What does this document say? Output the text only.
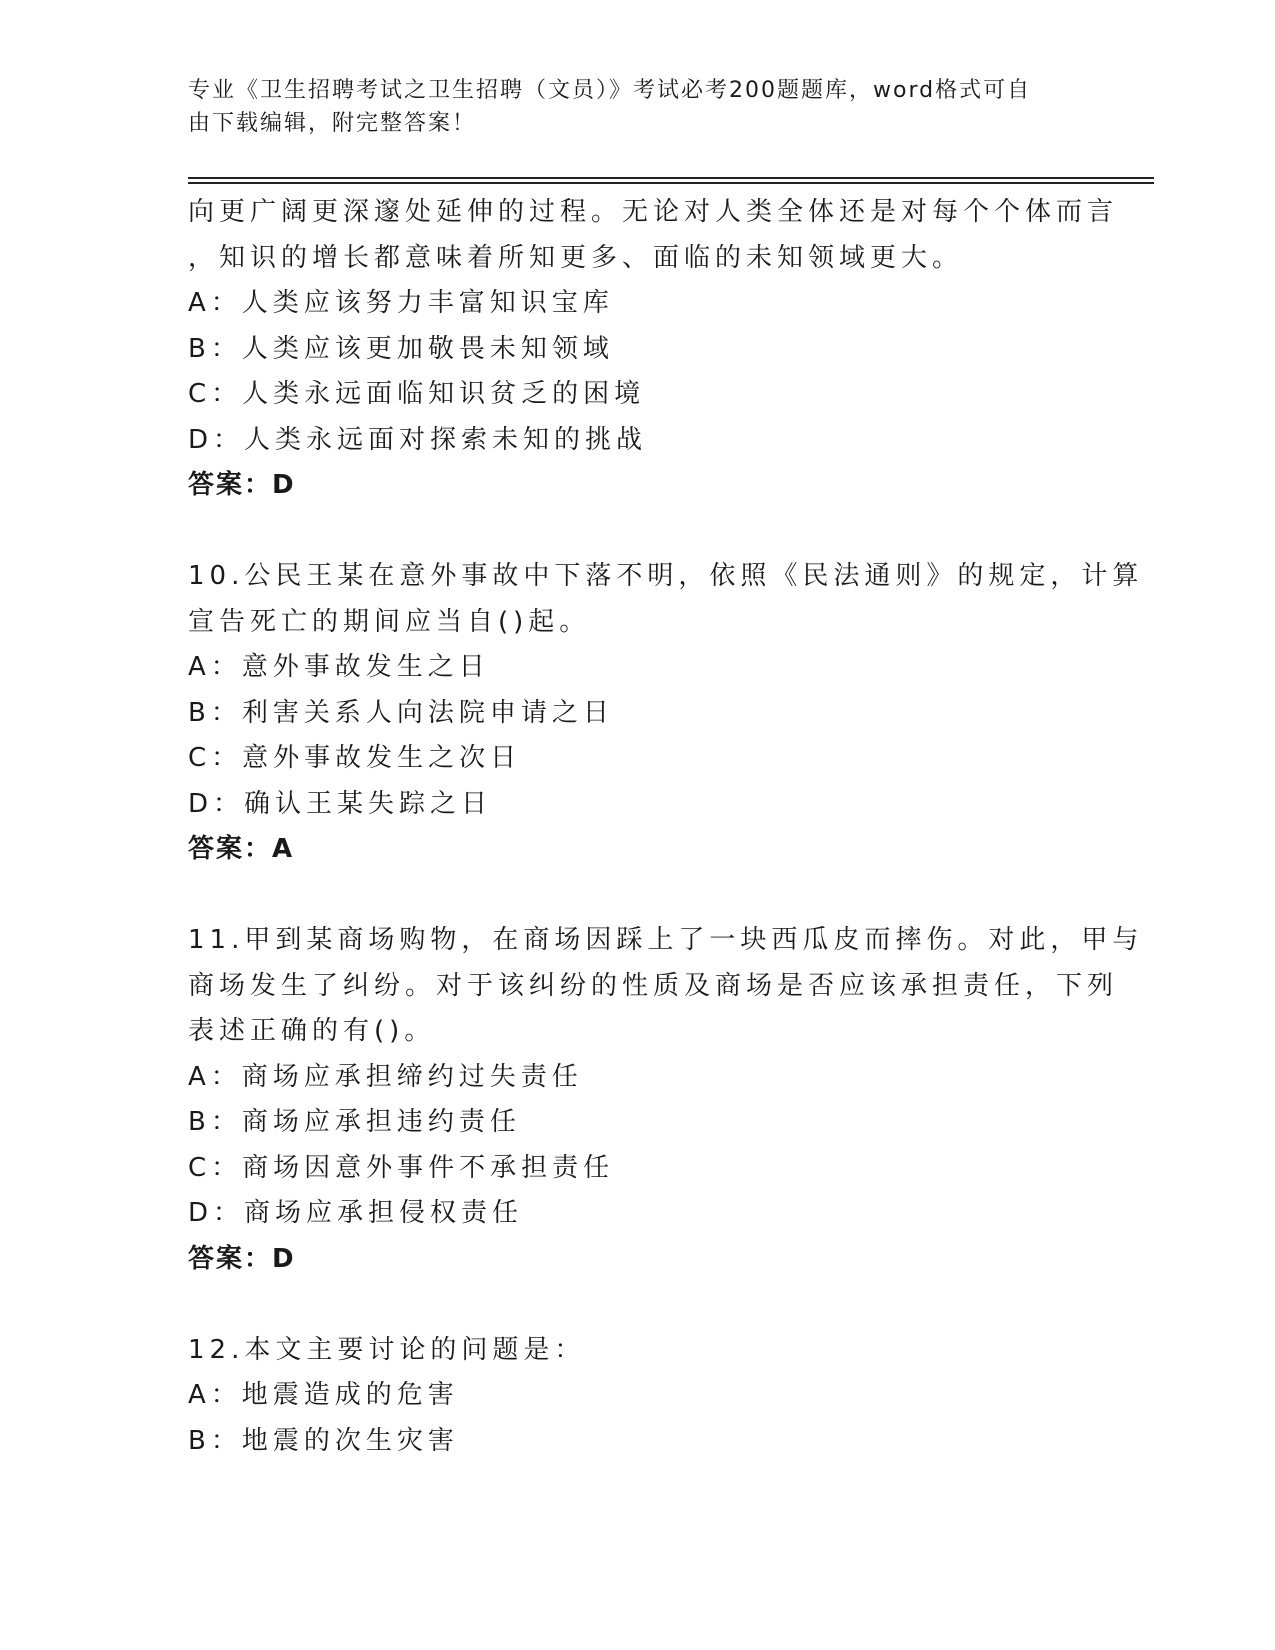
专业《卫生招聘考试之卫生招聘（文员）》考试必考200题题库，word格式可自
由下载编辑，附完整答案！
向更广阔更深邃处延伸的过程。无论对人类全体还是对每个个体而言
，知识的增长都意味着所知更多、面临的未知领域更大。
A：人类应该努力丰富知识宝库
B：人类应该更加敬畏未知领域
C：人类永远面临知识贫乏的困境
D：人类永远面对探索未知的挑战
答案：D
10.公民王某在意外事故中下落不明，依照《民法通则》的规定，计算
宣告死亡的期间应当自()起。
A：意外事故发生之日
B：利害关系人向法院申请之日
C：意外事故发生之次日
D：确认王某失踪之日
答案：A
11.甲到某商场购物，在商场因踩上了一块西瓜皮而摔伤。对此，甲与
商场发生了纠纷。对于该纠纷的性质及商场是否应该承担责任，下列
表述正确的有()。
A：商场应承担缔约过失责任
B：商场应承担违约责任
C：商场因意外事件不承担责任
D：商场应承担侵权责任
答案：D
12.本文主要讨论的问题是：
A：地震造成的危害
B：地震的次生灾害
